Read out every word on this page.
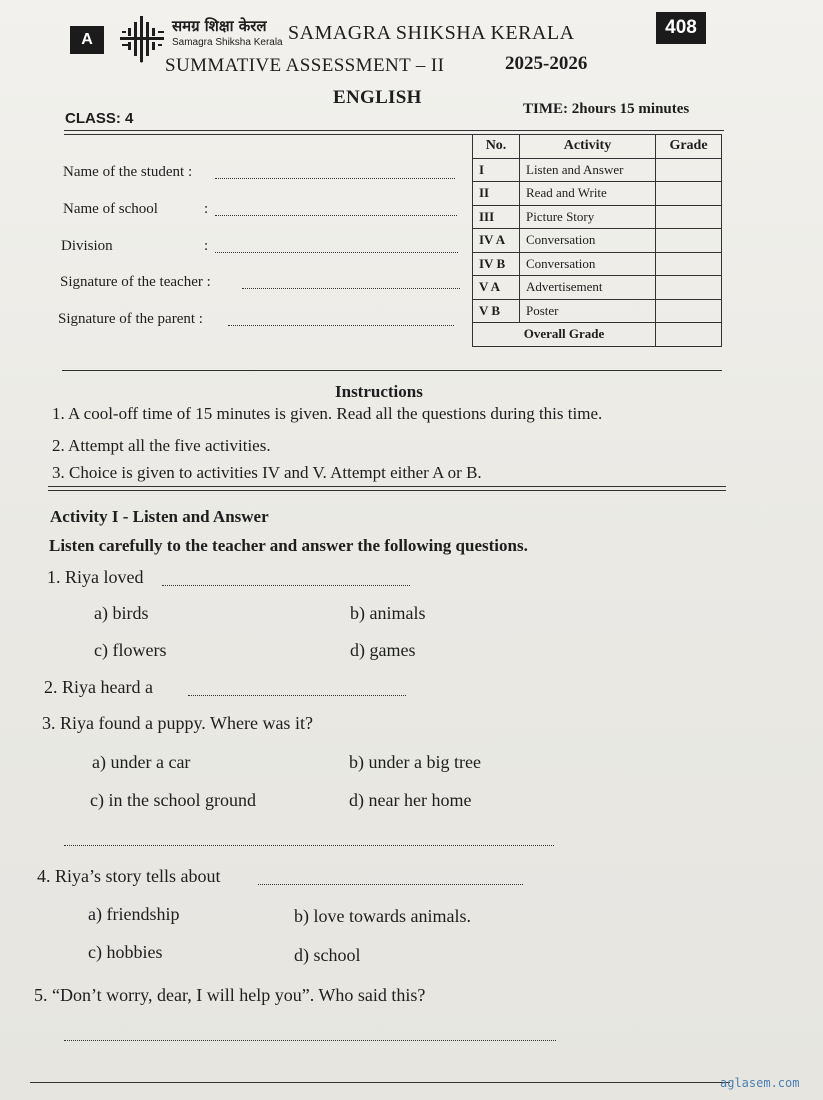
A
समग्र शिक्षा केरल
Samagra Shiksha Kerala SAMAGRA SHIKSHA KERALA	408
SUMMATIVE ASSESSMENT – II	2025-2026
ENGLISH
CLASS: 4
TIME: 2hours 15 minutes
Name of the student :
Name of school	:
Division	:
Signature of the teacher :
Signature of the parent :
No.	Activity	Grade
I	Listen and Answer	
II	Read and Write	
III	Picture Story	
IV A	Conversation	
IV B	Conversation	
V A	Advertisement	
V B	Poster	
Overall Grade		
Instructions
1. A cool-off time of 15 minutes is given. Read all the questions during this time.
2. Attempt all the five activities.
3. Choice is given to activities IV and V. Attempt either A or B.
Activity I - Listen and Answer
Listen carefully to the teacher and answer the following questions.
1. Riya loved
a) birds	b) animals
c) flowers	d) games
2. Riya heard a
3. Riya found a puppy. Where was it?
a) under a car	b) under a big tree
c) in the school ground	d) near her home
4. Riya’s story tells about
a) friendship	b) love towards animals.
c) hobbies	d) school
5. “Don’t worry, dear, I will help you”. Who said this?
aglasem.com
